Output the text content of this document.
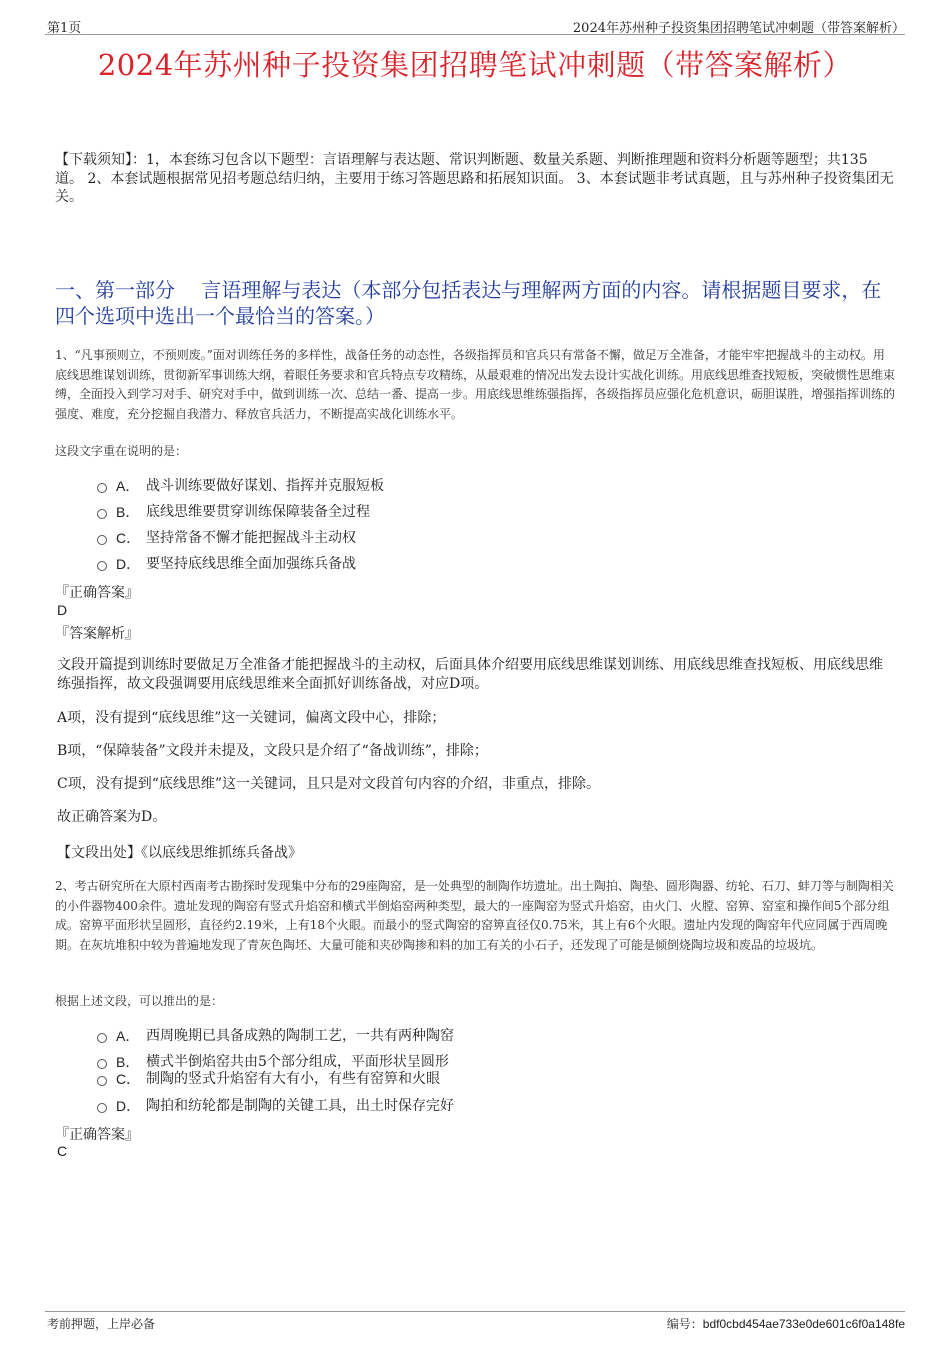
第1页	2024年苏州种子投资集团招聘笔试冲刺题（带答案解析）
2024年苏州种子投资集团招聘笔试冲刺题（带答案解析）
【下载须知】：1，本套练习包含以下题型：言语理解与表达题、常识判断题、数量关系题、判断推理题和资料分析题等题型；共135道。 2、本套试题根据常见招考题总结归纳，主要用于练习答题思路和拓展知识面。 3、本套试题非考试真题，且与苏州种子投资集团无关。
一、第一部分　 言语理解与表达（本部分包括表达与理解两方面的内容。请根据题目要求，在四个选项中选出一个最恰当的答案。）
1、“凡事预则立，不预则废。”面对训练任务的多样性，战备任务的动态性，各级指挥员和官兵只有常备不懈，做足万全准备，才能牢牢把握战斗的主动权。用底线思维谋划训练，贯彻新军事训练大纲，着眼任务要求和官兵特点专攻精练，从最艰难的情况出发去设计实战化训练。用底线思维查找短板，突破惯性思维束缚，全面投入到学习对手、研究对手中，做到训练一次、总结一番、提高一步。用底线思维练强指挥，各级指挥员应强化危机意识，砺胆谋胜，增强指挥训练的强度、难度，充分挖掘自我潜力、释放官兵活力，不断提高实战化训练水平。
这段文字重在说明的是：
A． 战斗训练要做好谋划、指挥并克服短板
B． 底线思维要贯穿训练保障装备全过程
C． 坚持常备不懈才能把握战斗主动权
D． 要坚持底线思维全面加强练兵备战
『正确答案』
D
『答案解析』
文段开篇提到训练时要做足万全准备才能把握战斗的主动权，后面具体介绍要用底线思维谋划训练、用底线思维查找短板、用底线思维练强指挥，故文段强调要用底线思维来全面抓好训练备战，对应D项。
A项，没有提到“底线思维”这一关键词，偏离文段中心，排除；
B项，“保障装备”文段并未提及，文段只是介绍了“备战训练”，排除；
C项，没有提到“底线思维”这一关键词，且只是对文段首句内容的介绍，非重点，排除。
故正确答案为D。
【文段出处】《以底线思维抓练兵备战》
2、考古研究所在大原村西南考古勘探时发现集中分布的29座陶窑，是一处典型的制陶作坊遗址。出土陶拍、陶垫、圆形陶器、纺轮、石刀、蚌刀等与制陶相关的小件器物400余件。遗址发现的陶窑有竖式升焰窑和横式半倒焰窑两种类型，最大的一座陶窑为竖式升焰窑，由火门、火膛、窑箅、窑室和操作间5个部分组成。窑箅平面形状呈圆形，直径约2.19米，上有18个火眼。而最小的竖式陶窑的窑箅直径仅0.75米，其上有6个火眼。遗址内发现的陶窑年代应同属于西周晚期。在灰坑堆积中较为普遍地发现了青灰色陶坯、大量可能和夹砂陶掺和料的加工有关的小石子，还发现了可能是倾倒烧陶垃圾和废品的垃圾坑。
根据上述文段，可以推出的是：
A． 西周晚期已具备成熟的陶制工艺，一共有两种陶窑
B． 横式半倒焰窑共由5个部分组成，平面形状呈圆形
C． 制陶的竖式升焰窑有大有小，有些有窑箅和火眼
D． 陶拍和纺轮都是制陶的关键工具，出土时保存完好
『正确答案』
C
考前押题，上岸必备	编号：bdf0cbd454ae733e0de601c6f0a148fe
